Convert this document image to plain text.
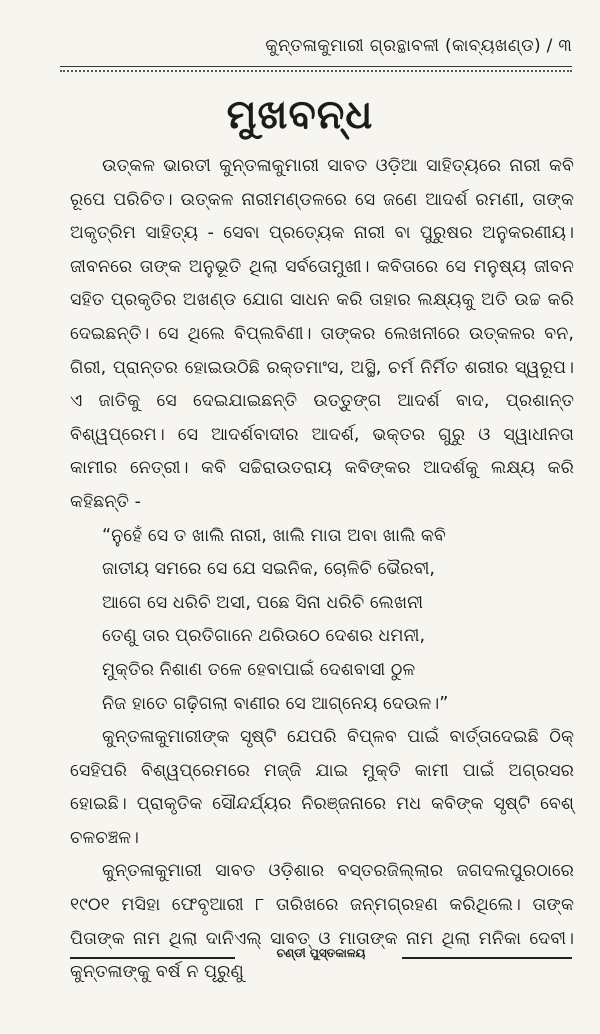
କୁନ୍ତଳାକୁମାରୀ ଗ୍ରନ୍ଥାବଳୀ (କାବ୍ୟଖଣ୍ଡ) / ୩
ମୁଖବନ୍ଧ

ଉତ୍କଳ ଭାରତୀ କୁନ୍ତଳାକୁମାରୀ ସାବତ ଓଡ଼ିଆ ସାହିତ୍ୟରେ ନାରୀ କବି ରୂପେ ପରିଚିତ। ଉତ୍କଳ ନାରୀମଣ୍ଡଳରେ ସେ ଜଣେ ଆଦର୍ଶ ରମଣୀ, ତାଙ୍କ ଅକୃତ୍ରିମ ସାହିତ୍ୟ - ସେବା ପ୍ରତ୍ୟେକ ନାରୀ ବା ପୁରୁଷର ଅନୁକରଣୀୟ। ଜୀବନରେ ତାଙ୍କ ଅନୁଭୂତି ଥିଲା ସର୍ବତୋମୁଖୀ। କବିତାରେ ସେ ମନୁଷ୍ୟ ଜୀବନ ସହିତ ପ୍ରକୃତିର ଅଖଣ୍ଡ ଯୋଗ ସାଧନ କରି ତାହାର ଲକ୍ଷ୍ୟକୁ ଅତି ଉଚ୍ଚ କରି ଦେଇଛନ୍ତି। ସେ ଥିଲେ ବିପ୍ଲବିଣୀ। ତାଙ୍କର ଲେଖନୀରେ ଉତ୍କଳର ବନ, ଗିରୀ, ପ୍ରାନ୍ତର ହୋଇଉଠିଛି ରକ୍ତମାଂସ, ଅସ୍ଥି, ଚର୍ମ ନିର୍ମିତ ଶରୀର ସ୍ୱରୂପ। ଏ ଜାତିକୁ ସେ ଦେଇଯାଇଛନ୍ତି ଉତ୍ତୁଙ୍ଗ ଆଦର୍ଶ ବାଦ, ପ୍ରଶାନ୍ତ ବିଶ୍ୱପ୍ରେମ। ସେ ଆଦର୍ଶବାଦୀର ଆଦର୍ଶ, ଭକ୍ତର ଗୁରୁ ଓ ସ୍ୱାଧୀନତା କାମୀର ନେତ୍ରୀ। କବି ସଚ୍ଚିରାଉତରାୟ କବିଙ୍କର ଆଦର୍ଶକୁ ଲକ୍ଷ୍ୟ କରି କହିଛନ୍ତି -

“ନୁହେଁ ସେ ତ ଖାଲି ନାରୀ, ଖାଲି ମାତା ଅବା ଖାଲି କବି
ଜାତୀୟ ସମରେ ସେ ଯେ ସଇନିକ, ଚୋଳିଚି ଭୈରବୀ,
ଆଗେ ସେ ଧରିଚି ଅସୀ, ପଛେ ସିନା ଧରିଚି ଲେଖନୀ
ତେଣୁ ତାର ପ୍ରତିଗାନେ ଥରିଉଠେ ଦେଶର ଧମନୀ,
ମୁକ୍ତିର ନିଶାଣ ତଳେ ହେବାପାଇଁ ଦେଶବାସୀ ଠୁଳ
ନିଜ ହାତେ ଗଢ଼ିଗଲା ବାଣୀର ସେ ଆଗ୍ନେୟ ଦେଉଳ।”

କୁନ୍ତଳାକୁମାରୀଙ୍କ ସୃଷ୍ଟି ଯେପରି ବିପ୍ଳବ ପାଇଁ ବାର୍ତ୍ତାଦେଇଛି ଠିକ୍ ସେହିପରି ବିଶ୍ୱପ୍ରେମରେ ମଜ୍ଜି ଯାଇ ମୁକ୍ତି କାମୀ ପାଇଁ ଅଗ୍ରସର ହୋଇଛି। ପ୍ରାକୃତିକ ସୌନ୍ଦର୍ଯ୍ୟର ନିରଞ୍ଜନାରେ ମଧ କବିଙ୍କ ସୃଷ୍ଟି ବେଶ୍ ଚଳଚଞ୍ଚଳ।

କୁନ୍ତଳାକୁମାରୀ ସାବତ ଓଡ଼ିଶାର ବସ୍ତରଜିଲ୍ଲାର ଜଗଦଲପୁରଠାରେ ୧୯୦୧ ମସିହା ଫେବୃଆରୀ ୮ ତାରିଖରେ ଜନ୍ମଗ୍ରହଣ କରିଥିଲେ। ତାଙ୍କ ପିତାଙ୍କ ନାମ ଥିଲା ଦାନିଏଲ୍ ସାବତ୍ ଓ ମାତାଙ୍କ ନାମ ଥିଲା ମନିକା ଦେବୀ। କୁନ୍ତଳାଙ୍କୁ ବର୍ଷ ନ ପୂରୁଣୁ

ଚଣ୍ଡୀ ପୁସ୍ତକାଳୟ
